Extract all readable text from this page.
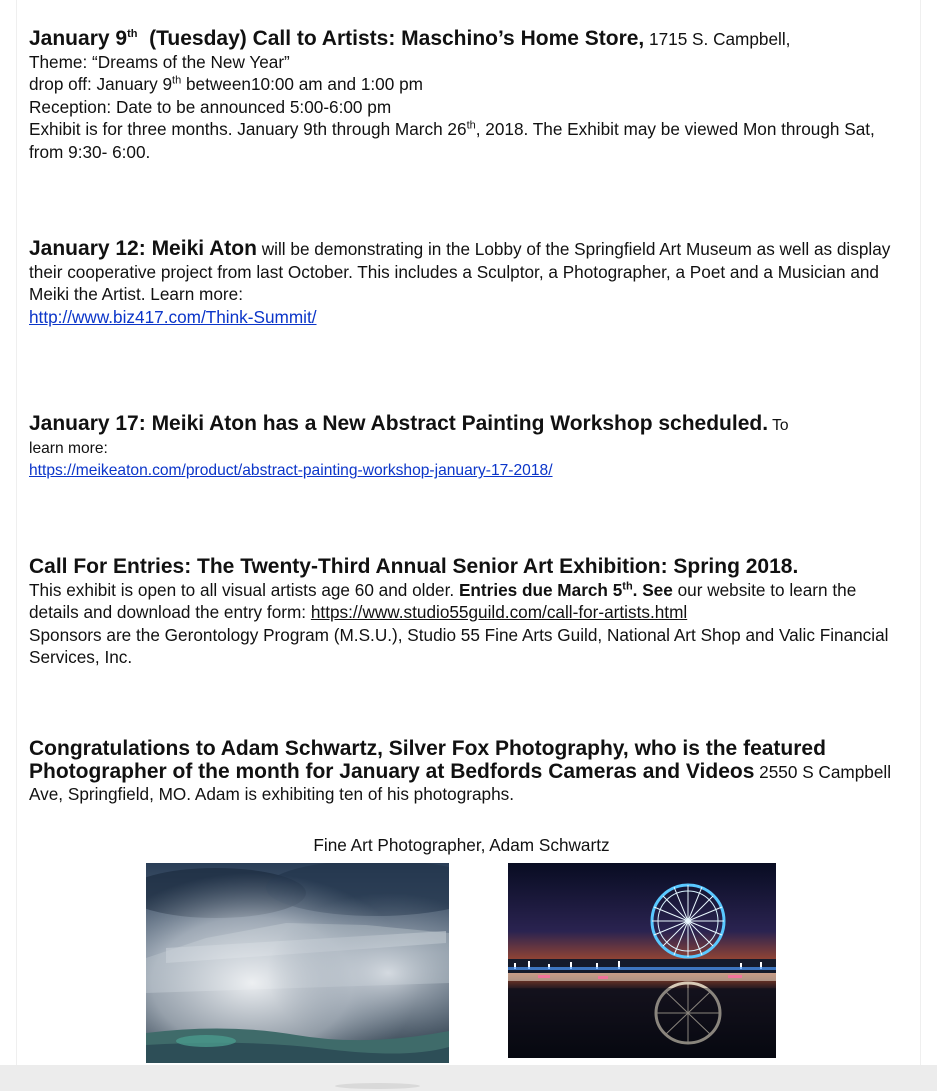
January 9th  (Tuesday) Call to Artists: Maschino’s Home Store, 1715 S. Campbell,
Theme: “Dreams of the New Year”
drop off: January 9th between10:00 am and 1:00 pm
Reception: Date to be announced 5:00-6:00 pm
Exhibit is for three months. January 9th through March 26th, 2018. The Exhibit may be viewed Mon through Sat, from 9:30- 6:00.
January 12: Meiki Aton will be demonstrating in the Lobby of the Springfield Art Museum as well as display their cooperative project from last October. This includes a Sculptor, a Photographer, a Poet and a Musician and Meiki the Artist. Learn more:
http://www.biz417.com/Think-Summit/
January 17: Meiki Aton has a New Abstract Painting Workshop scheduled. To
learn more:
https://meikeaton.com/product/abstract-painting-workshop-january-17-2018/
Call For Entries: The Twenty-Third Annual Senior Art Exhibition: Spring 2018.
This exhibit is open to all visual artists age 60 and older. Entries due March 5th. See our website to learn the details and download the entry form: https://www.studio55guild.com/call-for-artists.html
Sponsors are the Gerontology Program (M.S.U.), Studio 55 Fine Arts Guild, National Art Shop and Valic Financial Services, Inc.
Congratulations to Adam Schwartz, Silver Fox Photography, who is the featured Photographer of the month for January at Bedfords Cameras and Videos 2550 S Campbell Ave, Springfield, MO. Adam is exhibiting ten of his photographs.
Fine Art Photographer, Adam Schwartz
